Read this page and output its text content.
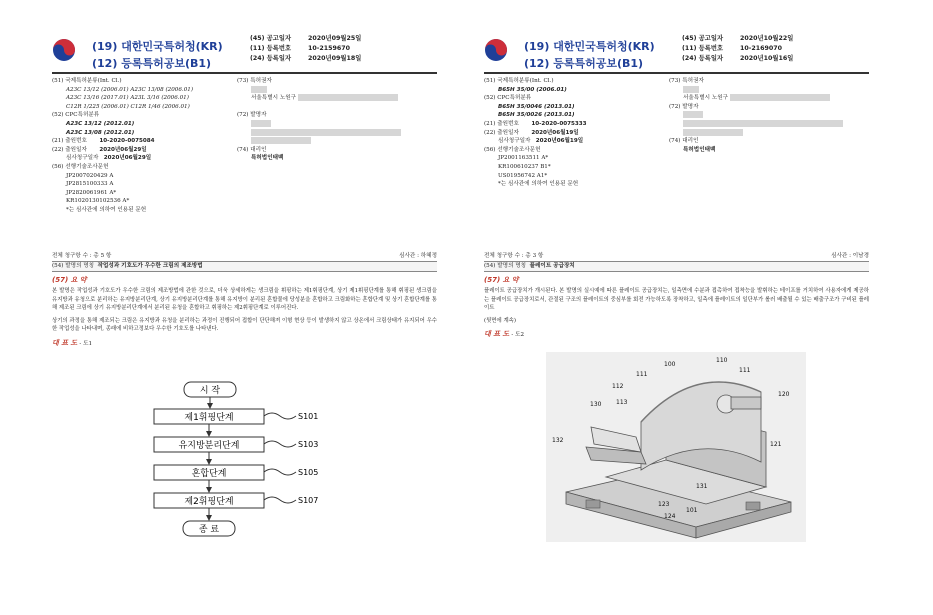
(19) 대한민국특허청(KR)
(12) 등록특허공보(B1)
(45) 공고일자	2020년09월25일
(11) 등록번호	10-2159670
(24) 등록일자	2020년09월18일
(51) 국제특허분류(Int. Cl.)
A23C 13/12 (2006.01) A23C 13/08 (2006.01)
A23C 13/16 (2017.01) A23L 3/16 (2006.01)
C12R 1/225 (2006.01) C12R 1/46 (2006.01)
(52) CPC특허분류
A23C 13/12 (2012.01)
A23C 13/08 (2012.01)
(21) 출원번호 10-2020-0075084
(22) 출원일자 2020년06월29일
심사청구일자 2020년06월29일
(56) 선행기술조사문헌
JP2007020429 A
JP2815100333 A
JP2820061961 A*
KR1020130102536 A*
*는 심사관에 의하여 인용된 문헌
(73) 특허권자
서울특별시 노원구

(72) 발명자
(74) 대리인
특허법인태백
전체 청구항 수 : 총 5 항	심사관 : 하혜정
(54) 발명의 명칭 작업성과 기호도가 우수한 크림의 제조방법
(57) 요 약

본 발명은 작업성과 기호도가 우수한 크림의 제조방법에 관한 것으로, 더욱 상세하게는 생크림을 휘핑하는 제1휘핑단계, 상기 제1휘핑단계를 통해 휘핑된 생크림을 유지방과 유청으로 분리하는 유지방분리단계, 상기 유지방분리단계를 통해 유지방이 분리된 혼합물에 당성분을 혼합하고 크림화하는 혼합단계 및 상기 혼합단계를 통해 제조된 크림에 상기 유지방분리단계에서 분리된 유청을 혼합하고 휘핑하는 제2휘핑단계로 이루어진다.

상기의 과정을 통해 제조되는 크림은 유지방과 유청을 분리하는 과정이 진행되어 접합이 단단해져 이형 현상 등이 발생하지 않고 상온에서 크림상태가 유지되어 우수한 작업성을 나타내며, 종래에 비하고정보다 우수한 기호도를 나타낸다.

대 표 도 - 도1
시 작
제1휘핑단계	S101
유지방분리단계	S103
혼합단계	S105
제2휘핑단계	S107
종 료
(19) 대한민국특허청(KR)
(12) 등록특허공보(B1)
(45) 공고일자	2020년10월22일
(11) 등록번호	10-2169070
(24) 등록일자	2020년10월16일
(51) 국제특허분류(Int. Cl.)
B65H 35/00 (2006.01)
(52) CPC특허분류
B65H 35/0046 (2013.01)
B65H 35/0026 (2013.01)
(21) 출원번호 10-2020-0075333
(22) 출원일자 2020년06월19일
심사청구일자 2020년06월19일
(56) 선행기술조사문헌
JP2001163511 A*
KR100610237 B1*
US01956742 A1*
*는 심사관에 의하여 인용된 문헌
(73) 특허권자
서울특별시 노원구
(72) 발명자
(74) 대리인
특허법인태백
전체 청구항 수 : 총 3 항	심사관 : 이남경
(54) 발명의 명칭 플레이트 공급장치
(57) 요 약

플레이트 공급장치가 개시된다. 본 발명의 실시예에 따른 플레이트 공급장치는, 일측면에 수분과 접촉하여 접착능을 발휘하는 테이프를 거치하여 사용자에게 제공하는 플레이트 공급장치로서, 관절된 구조의 플레이트의 중심부를 회전 가능하도록 장착하고, 일측에 플레이트의 일단부가 롤러 배출될 수 있는 배출구조가 구비된 플레이트

(뒷면에 계속)

대 표 도 - 도2
100
110
111
111
112
120
130 113
132
121
123
124
101
131
